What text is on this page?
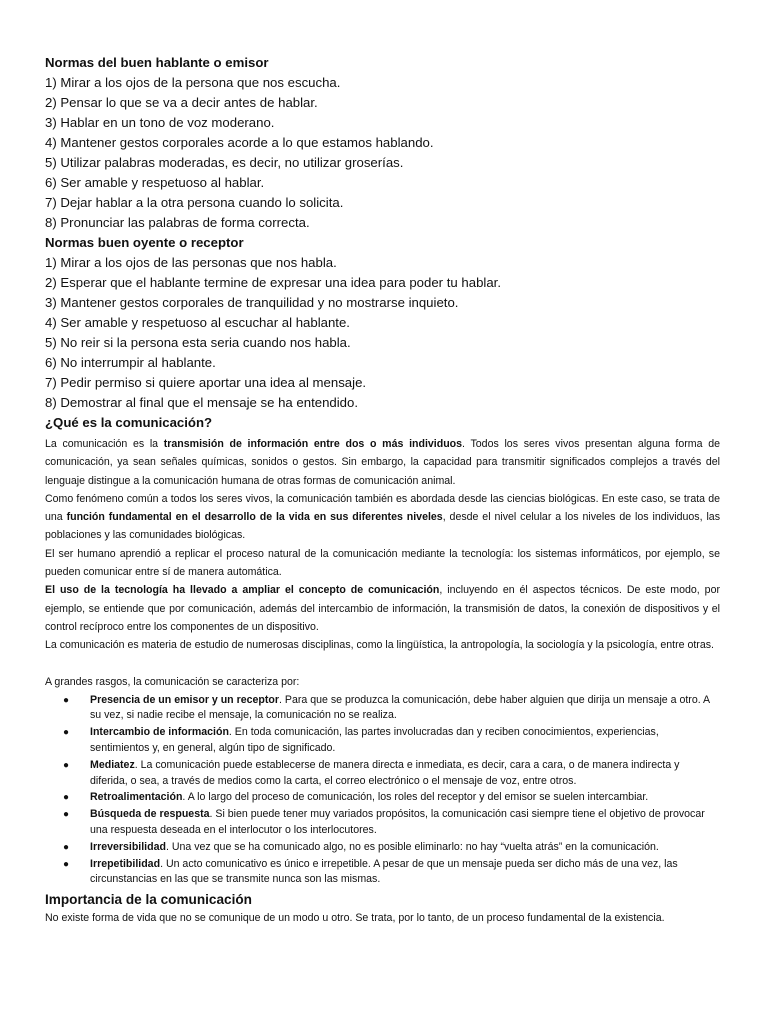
Normas del buen hablante o emisor

1) Mirar a los ojos de la persona que nos escucha.

2) Pensar lo que se va a decir antes de hablar.

3) Hablar en un tono de voz moderano.

4) Mantener gestos corporales acorde a lo que estamos hablando.

5) Utilizar palabras moderadas, es decir, no utilizar groserías.

6) Ser amable y respetuoso al hablar.

7) Dejar hablar a la otra persona cuando lo solicita.

8) Pronunciar las palabras de forma correcta.

Normas buen oyente o receptor

1) Mirar a los ojos de las personas que nos habla.

2) Esperar que el hablante termine de expresar una idea para poder tu hablar.

3) Mantener gestos corporales de tranquilidad y no mostrarse inquieto.

4) Ser amable y respetuoso al escuchar al hablante.

5) No reir si la persona esta seria cuando nos habla.

6) No interrumpir al hablante.

7) Pedir permiso si quiere aportar una idea al mensaje.

8) Demostrar al final que el mensaje se ha entendido.

¿Qué es la comunicación?

La comunicación es la transmisión de información entre dos o más individuos. Todos los seres vivos presentan alguna forma de comunicación, ya sean señales químicas, sonidos o gestos. Sin embargo, la capacidad para transmitir significados complejos a través del lenguaje distingue a la comunicación humana de otras formas de comunicación animal.

Como fenómeno común a todos los seres vivos, la comunicación también es abordada desde las ciencias biológicas. En este caso, se trata de una función fundamental en el desarrollo de la vida en sus diferentes niveles, desde el nivel celular a los niveles de los individuos, las poblaciones y las comunidades biológicas.

El ser humano aprendió a replicar el proceso natural de la comunicación mediante la tecnología: los sistemas informáticos, por ejemplo, se pueden comunicar entre sí de manera automática.

El uso de la tecnología ha llevado a ampliar el concepto de comunicación, incluyendo en él aspectos técnicos. De este modo, por ejemplo, se entiende que por comunicación, además del intercambio de información, la transmisión de datos, la conexión de dispositivos y el control recíproco entre los componentes de un dispositivo.

La comunicación es materia de estudio de numerosas disciplinas, como la lingüística, la antropología, la sociología y la psicología, entre otras.

A grandes rasgos, la comunicación se caracteriza por:

● Presencia de un emisor y un receptor. Para que se produzca la comunicación, debe haber alguien que dirija un mensaje a otro. A su vez, si nadie recibe el mensaje, la comunicación no se realiza.
● Intercambio de información. En toda comunicación, las partes involucradas dan y reciben conocimientos, experiencias, sentimientos y, en general, algún tipo de significado.
● Mediatez. La comunicación puede establecerse de manera directa e inmediata, es decir, cara a cara, o de manera indirecta y diferida, o sea, a través de medios como la carta, el correo electrónico o el mensaje de voz, entre otros.
● Retroalimentación. A lo largo del proceso de comunicación, los roles del receptor y del emisor se suelen intercambiar.
● Búsqueda de respuesta. Si bien puede tener muy variados propósitos, la comunicación casi siempre tiene el objetivo de provocar una respuesta deseada en el interlocutor o los interlocutores.
● Irreversibilidad. Una vez que se ha comunicado algo, no es posible eliminarlo: no hay “vuelta atrás” en la comunicación.
● Irrepetibilidad. Un acto comunicativo es único e irrepetible. A pesar de que un mensaje pueda ser dicho más de una vez, las circunstancias en las que se transmite nunca son las mismas.

Importancia de la comunicación

No existe forma de vida que no se comunique de un modo u otro. Se trata, por lo tanto, de un proceso fundamental de la existencia.
